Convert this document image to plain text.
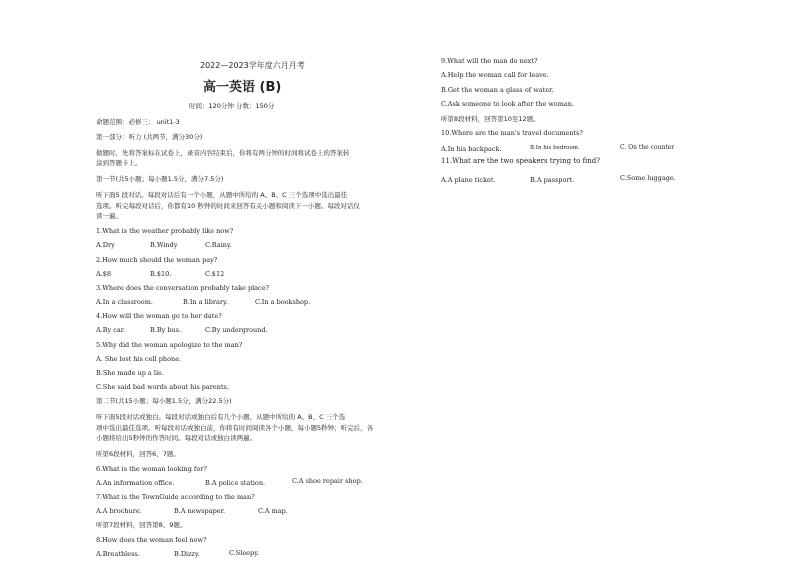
2022—2023学年度六月月考
高一英语 (B)
时间：120分钟 分数：150分
命题范围：必修三： unit1-3
第一部分：听力 (共两节，满分30分)
做题时，先将答案标在试卷上，录音内容结束后，你将有两分钟的时间将试卷上的答案转
涂到答题卡上。
第一节(共5小题；每小题1.5分，满分7.5分)
听下面5 段对话。每段对话后有一个小题，从题中所给的 A、B、C 三个选项中选出最佳
选项。听完每段对话后，你都有10 秒钟的时间来回答有关小题和阅读下一小题。每段对话仅
读一遍。
1.What is the weather probably like now?
A.Dry	B.Windy	C.Rainy.
2.How much should the woman pay?
A.$8	B.$10.	C.$12
3.Where does the conversation probably take place?
A.In a classroom.	B.In a library.	C.In a bookshop.
4.How will the woman go to her date?
A.By car.	B.By bus.	C.By underground.
5.Why did the woman apologize to the man?
A. She lost his cell phone.
B.She made up a lie.
C.She said bad words about his parents.
第二节(共15小题；每小题1.5分，满分22.5分)
听下面5段对话或独白。每段对话或独白后有几个小题，从题中所给的 A、B、C 三个选
项中选出最佳选项。听每段对话或独白前，你将有时间阅读各个小题，每小题5秒钟；听完后，各
小题将给出5秒钟的作答时间。每段对话或独白读两遍。
听第6段材料，回答6、7题。
6.What is the woman looking for?
A.An information office.	B.A police station.	C.A shoe repair shop.
7.What is the TownGuide according to the man?
A.A brochure.	B.A newspaper.	C.A map.
听第7段材料，回答第8、9题。
8.How does the woman feel now?
A.Breathless.	B.Dizzy.	C.Sleepy.
9.What will the man do next?
A.Help the woman call for leave.
B.Get the woman a glass of water.
C.Ask someone to look after the woman.
听第8段材料，回答第10至12题。
10.Where are the man's travel documents?
A.In his backpack.	B.In his bedroom.	C. On the counter
11.What are the two speakers trying to find?
A.A plane ticket.	B.A passport.	C.Some luggage.
